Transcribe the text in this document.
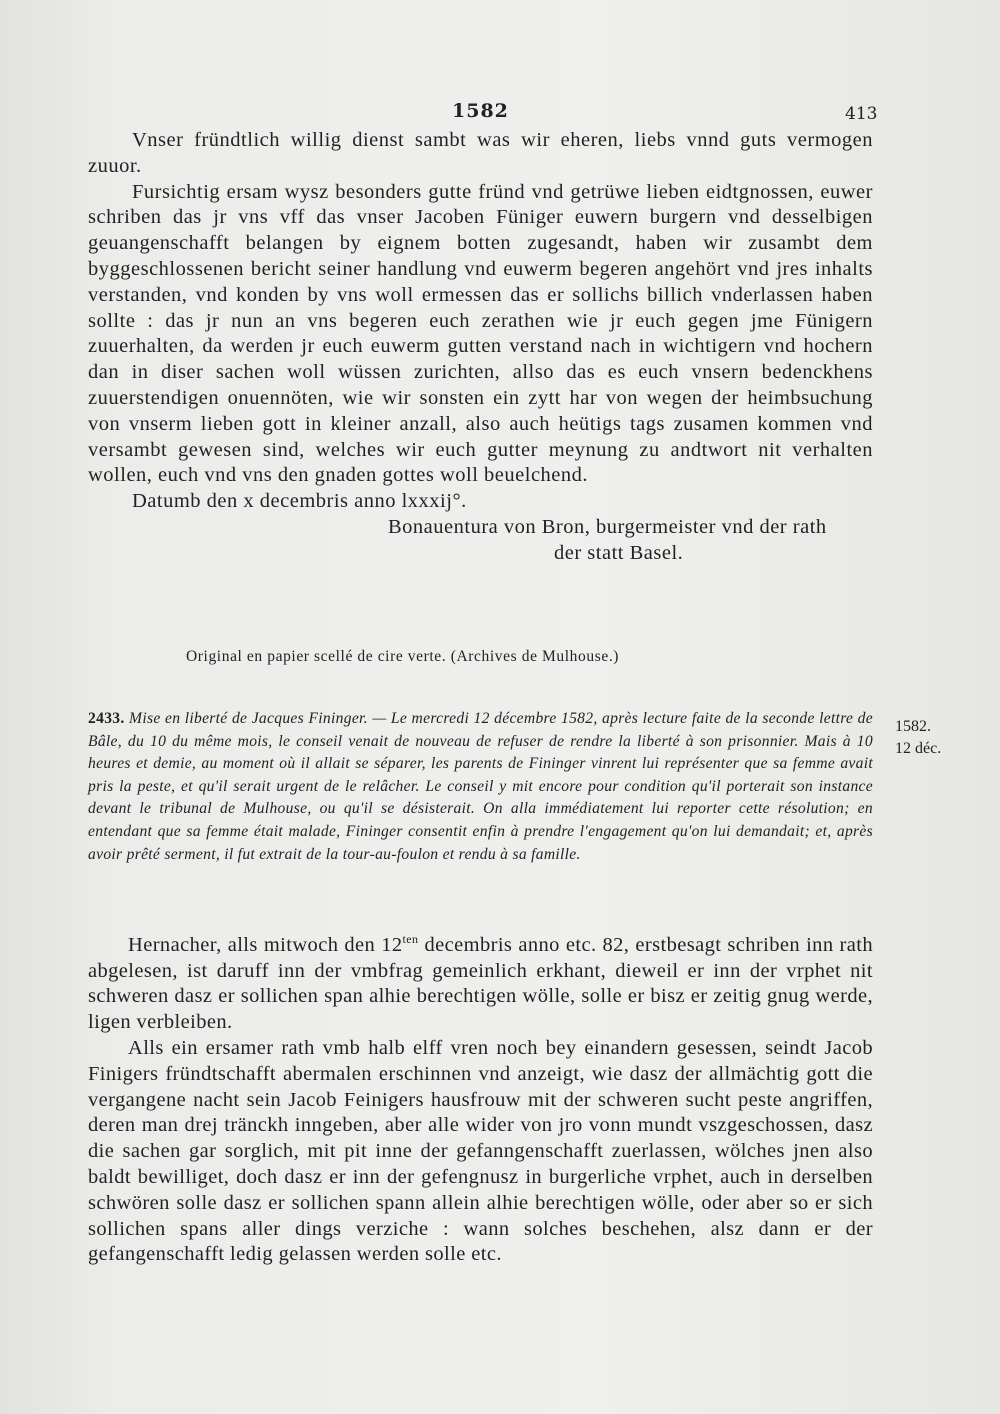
1582	413

Vnser fründtlich willig dienst sambt was wir eheren, liebs vnnd guts vermogen zuuor.

Fursichtig ersam wysz besonders gutte fründ vnd getrüwe lieben eidtgnossen, euwer schriben das jr vns vff das vnser Jacoben Füniger euwern burgern vnd desselbigen geuangenschafft belangen by eignem botten zugesandt, haben wir zusambt dem byggeschlossenen bericht seiner handlung vnd euwerm begeren angehört vnd jres inhalts verstanden, vnd konden by vns woll ermessen das er sollichs billich vnderlassen haben sollte : das jr nun an vns begeren euch zerathen wie jr euch gegen jme Fünigern zuuerhalten, da werden jr euch euwerm gutten verstand nach in wichtigern vnd hochern dan in diser sachen woll wüssen zurichten, allso das es euch vnsern bedenckhens zuuerstendigen onuennöten, wie wir sonsten ein zytt har von wegen der heimbsuchung von vnserm lieben gott in kleiner anzall, also auch heütigs tags zusamen kommen vnd versambt gewesen sind, welches wir euch gutter meynung zu andtwort nit verhalten wollen, euch vnd vns den gnaden gottes woll beuelchend.

Datumb den x decembris anno lxxxij°.

Bonauentura von Bron, burgermeister vnd der rath

der statt Basel.

Original en papier scellé de cire verte. (Archives de Mulhouse.)
2433. Mise en liberté de Jacques Fininger. — Le mercredi 12 décembre 1582, après lecture faite de la seconde lettre de Bâle, du 10 du même mois, le conseil venait de nouveau de refuser de rendre la liberté à son prisonnier. Mais à 10 heures et demie, au moment où il allait se séparer, les parents de Fininger vinrent lui représenter que sa femme avait pris la peste, et qu'il serait urgent de le relâcher. Le conseil y mit encore pour condition qu'il porterait son instance devant le tribunal de Mulhouse, ou qu'il se désisterait. On alla immédiatement lui reporter cette résolution; en entendant que sa femme était malade, Fininger consentit enfin à prendre l'engagement qu'on lui demandait; et, après avoir prêté serment, il fut extrait de la tour-au-foulon et rendu à sa famille.
1582.
12 déc.

Hernacher, alls mitwoch den $12^{ten}$ decembris anno etc. 82, erstbesagt schriben inn rath abgelesen, ist daruff inn der vmbfrag gemeinlich erkhant, dieweil er inn der vrphet nit schweren dasz er sollichen span alhie berechtigen wölle, solle er bisz er zeitig gnug werde, ligen verbleiben.

Alls ein ersamer rath vmb halb elff vren noch bey einandern gesessen, seindt Jacob Finigers fründtschafft abermalen erschinnen vnd anzeigt, wie dasz der allmächtig gott die vergangene nacht sein Jacob Feinigers hausfrouw mit der schweren sucht peste angriffen, deren man drej tränckh inngeben, aber alle wider von jro vonn mundt vszgeschossen, dasz die sachen gar sorglich, mit pit inne der gefanngenschafft zuerlassen, wölches jnen also baldt bewilliget, doch dasz er inn der gefengnusz in burgerliche vrphet, auch in derselben schwören solle dasz er sollichen spann allein alhie berechtigen wölle, oder aber so er sich sollichen spans aller dings verziche : wann solches beschehen, alsz dann er der gefangenschafft ledig gelassen werden solle etc.
